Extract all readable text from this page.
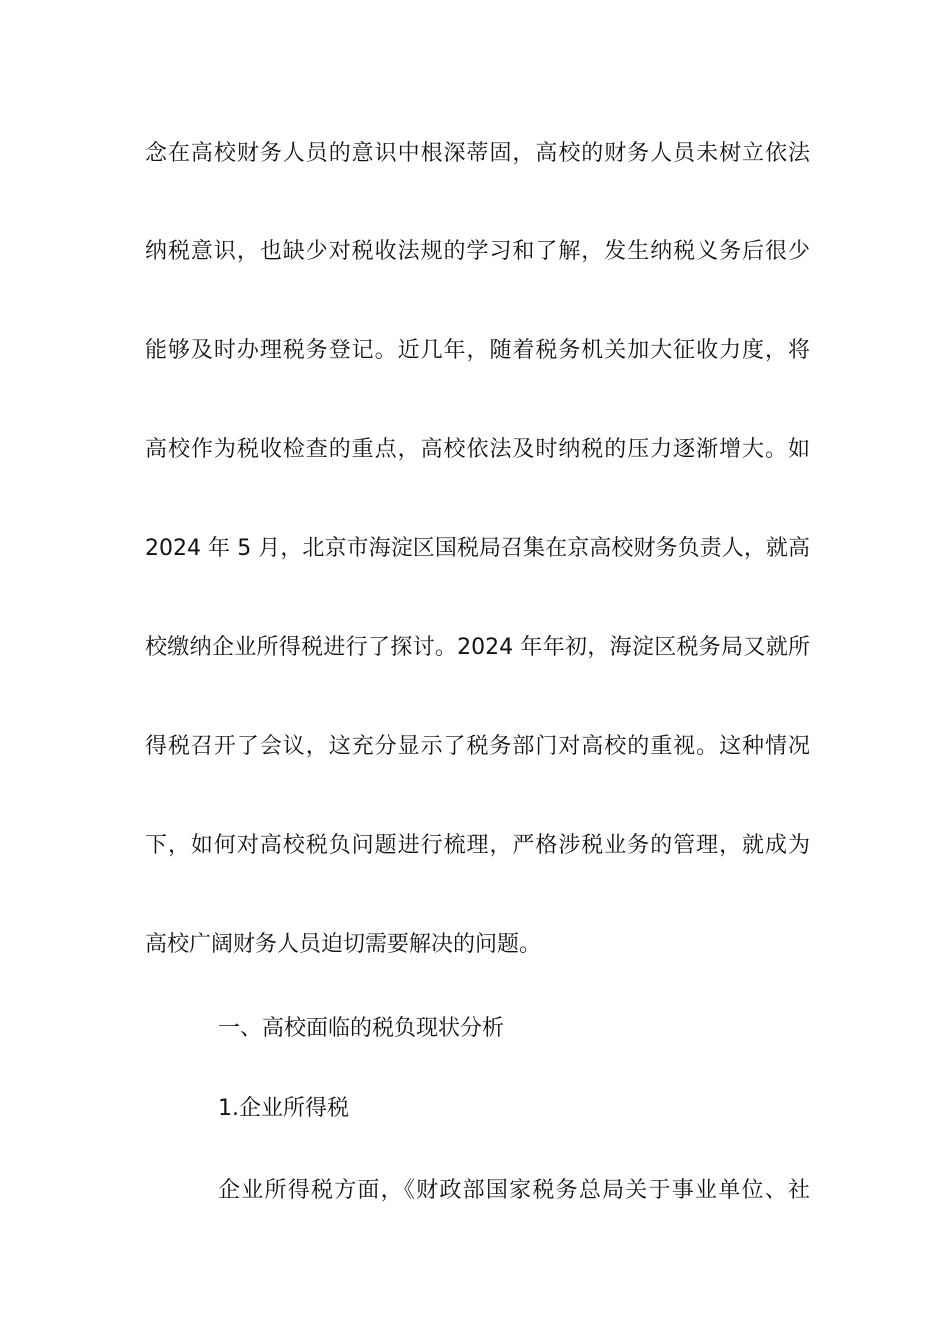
念在高校财务人员的意识中根深蒂固，高校的财务人员未树立依法
纳税意识，也缺少对税收法规的学习和了解，发生纳税义务后很少
能够及时办理税务登记。近几年，随着税务机关加大征收力度，将
高校作为税收检查的重点，高校依法及时纳税的压力逐渐增大。如
2024 年 5 月，北京市海淀区国税局召集在京高校财务负责人，就高
校缴纳企业所得税进行了探讨。2024 年年初，海淀区税务局又就所
得税召开了会议，这充分显示了税务部门对高校的重视。这种情况
下，如何对高校税负问题进行梳理，严格涉税业务的管理，就成为
高校广阔财务人员迫切需要解决的问题。
一、高校面临的税负现状分析
1.企业所得税
企业所得税方面，《财政部国家税务总局关于事业单位、社
